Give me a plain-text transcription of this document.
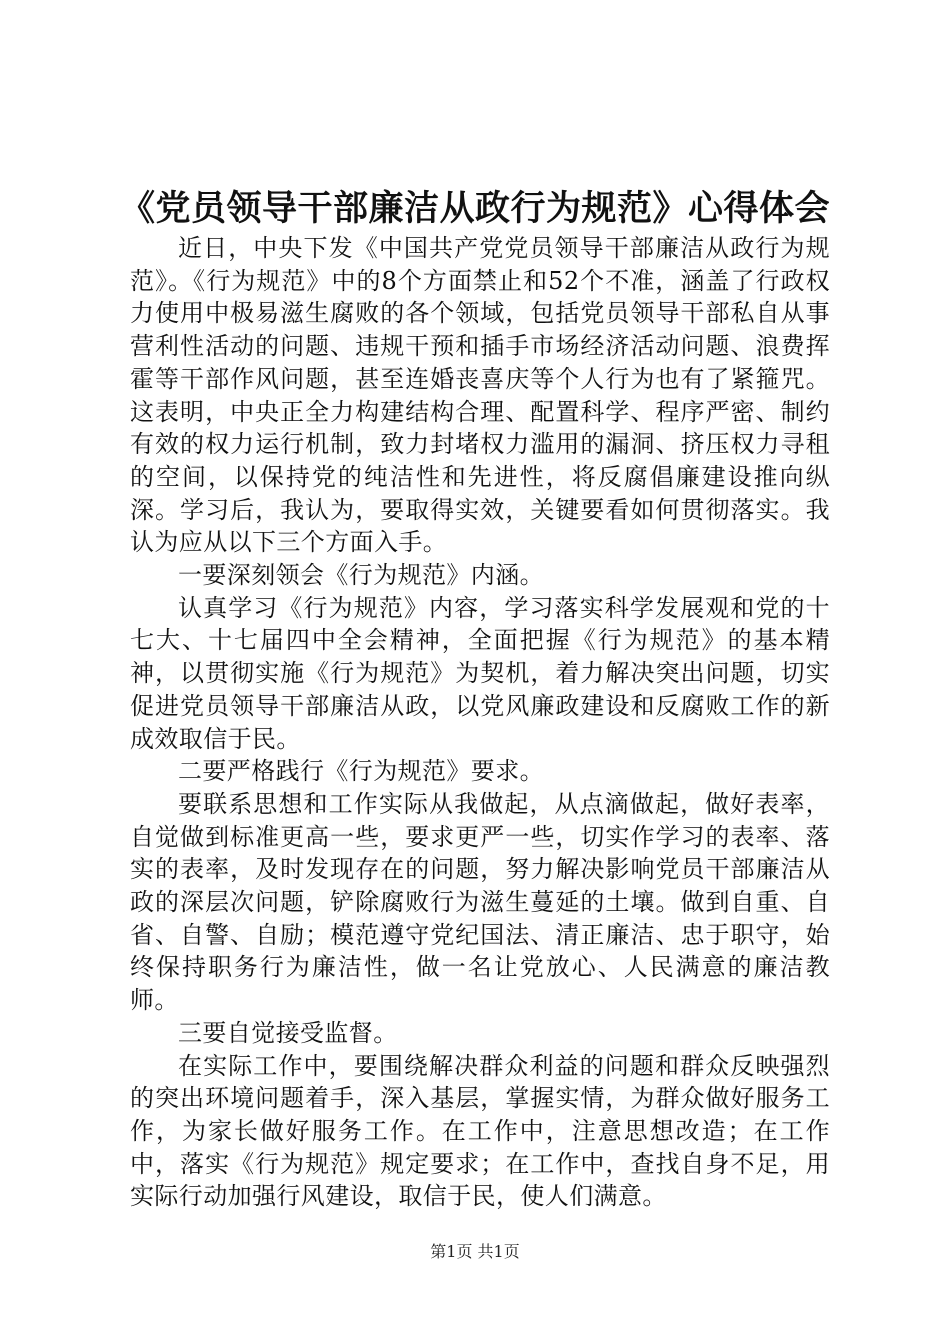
《党员领导干部廉洁从政行为规范》心得体会

近日，中央下发《中国共产党党员领导干部廉洁从政行为规范》。《行为规范》中的8个方面禁止和52个不准，涵盖了行政权力使用中极易滋生腐败的各个领域，包括党员领导干部私自从事营利性活动的问题、违规干预和插手市场经济活动问题、浪费挥霍等干部作风问题，甚至连婚丧喜庆等个人行为也有了紧箍咒。这表明，中央正全力构建结构合理、配置科学、程序严密、制约有效的权力运行机制，致力封堵权力滥用的漏洞、挤压权力寻租的空间，以保持党的纯洁性和先进性，将反腐倡廉建设推向纵深。学习后，我认为，要取得实效，关键要看如何贯彻落实。我认为应从以下三个方面入手。

一要深刻领会《行为规范》内涵。

认真学习《行为规范》内容，学习落实科学发展观和党的十七大、十七届四中全会精神，全面把握《行为规范》的基本精神，以贯彻实施《行为规范》为契机，着力解决突出问题，切实促进党员领导干部廉洁从政，以党风廉政建设和反腐败工作的新成效取信于民。

二要严格践行《行为规范》要求。

要联系思想和工作实际从我做起，从点滴做起，做好表率，自觉做到标准更高一些，要求更严一些，切实作学习的表率、落实的表率，及时发现存在的问题，努力解决影响党员干部廉洁从政的深层次问题，铲除腐败行为滋生蔓延的土壤。做到自重、自省、自警、自励；模范遵守党纪国法、清正廉洁、忠于职守，始终保持职务行为廉洁性，做一名让党放心、人民满意的廉洁教师。

三要自觉接受监督。

在实际工作中，要围绕解决群众利益的问题和群众反映强烈的突出环境问题着手，深入基层，掌握实情，为群众做好服务工作，为家长做好服务工作。在工作中，注意思想改造；在工作中，落实《行为规范》规定要求；在工作中，查找自身不足，用实际行动加强行风建设，取信于民，使人们满意。

第1页 共1页
